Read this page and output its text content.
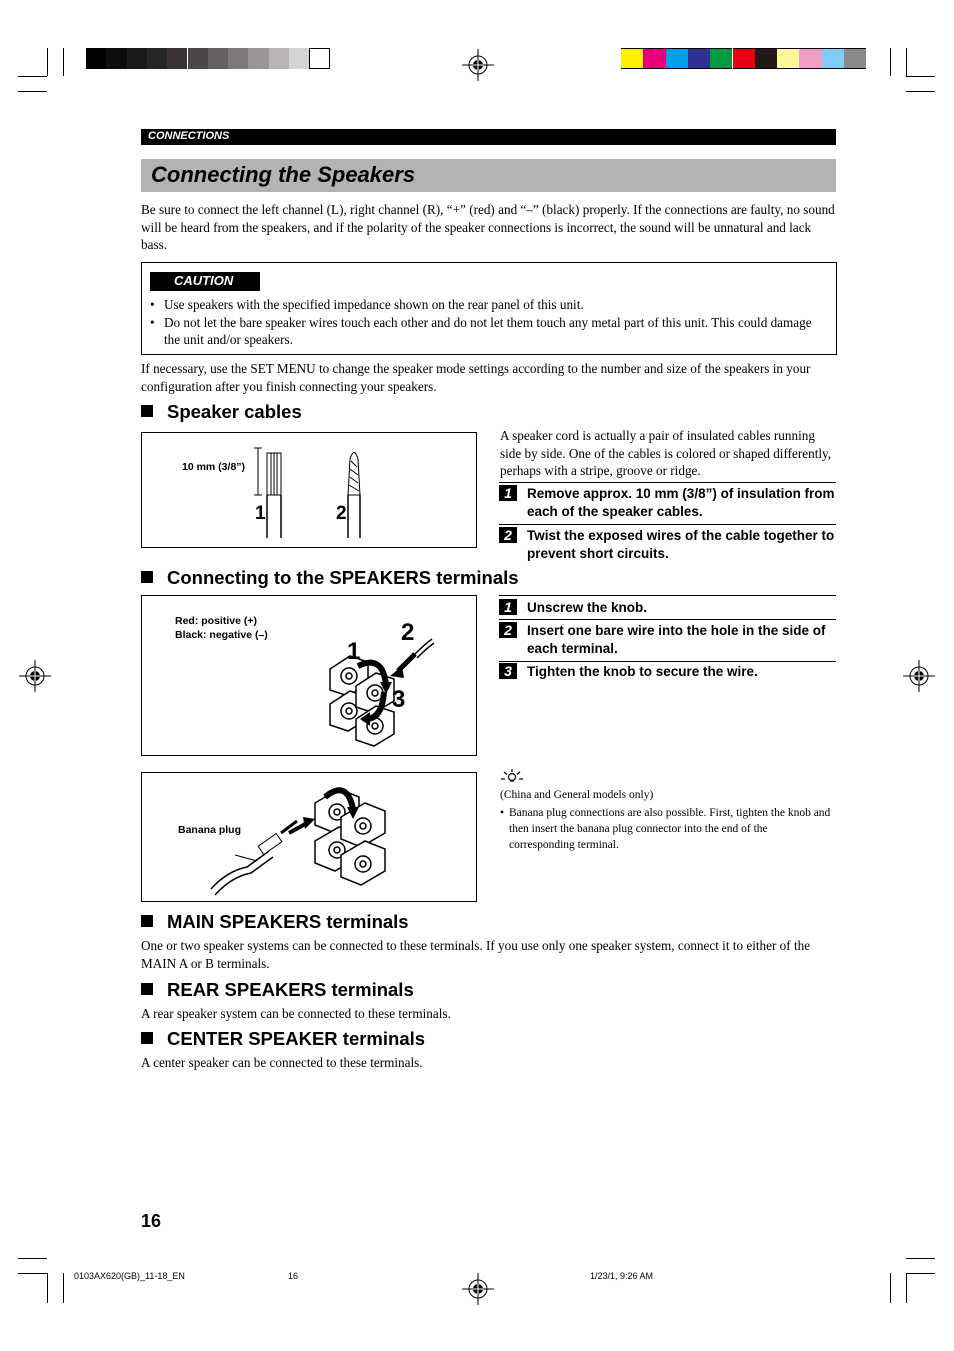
CONNECTIONS
Connecting the Speakers
Be sure to connect the left channel (L), right channel (R), “+” (red) and “–” (black) properly. If the connections are faulty, no sound will be heard from the speakers, and if the polarity of the speaker connections is incorrect, the sound will be unnatural and lack bass.
CAUTION
• Use speakers with the specified impedance shown on the rear panel of this unit.
• Do not let the bare speaker wires touch each other and do not let them touch any metal part of this unit. This could damage the unit and/or speakers.
If necessary, use the SET MENU to change the speaker mode settings according to the number and size of the speakers in your configuration after you finish connecting your speakers.
Speaker cables
10 mm (3/8”)
1	2
A speaker cord is actually a pair of insulated cables running side by side. One of the cables is colored or shaped differently, perhaps with a stripe, groove or ridge.
1	Remove approx. 10 mm (3/8”) of insulation from each of the speaker cables.
2	Twist the exposed wires of the cable together to prevent short circuits.
Connecting to the SPEAKERS terminals
Red: positive (+)
Black: negative (–)	2
1
3
1	Unscrew the knob.
2	Insert one bare wire into the hole in the side of each terminal.
3	Tighten the knob to secure the wire.
Banana plug
(China and General models only)
• Banana plug connections are also possible. First, tighten the knob and then insert the banana plug connector into the end of the corresponding terminal.
MAIN SPEAKERS terminals
One or two speaker systems can be connected to these terminals. If you use only one speaker system, connect it to either of the MAIN A or B terminals.
REAR SPEAKERS terminals
A rear speaker system can be connected to these terminals.
CENTER SPEAKER terminals
A center speaker can be connected to these terminals.
16
0103AX620(GB)_11-18_EN	16	1/23/1, 9:26 AM
